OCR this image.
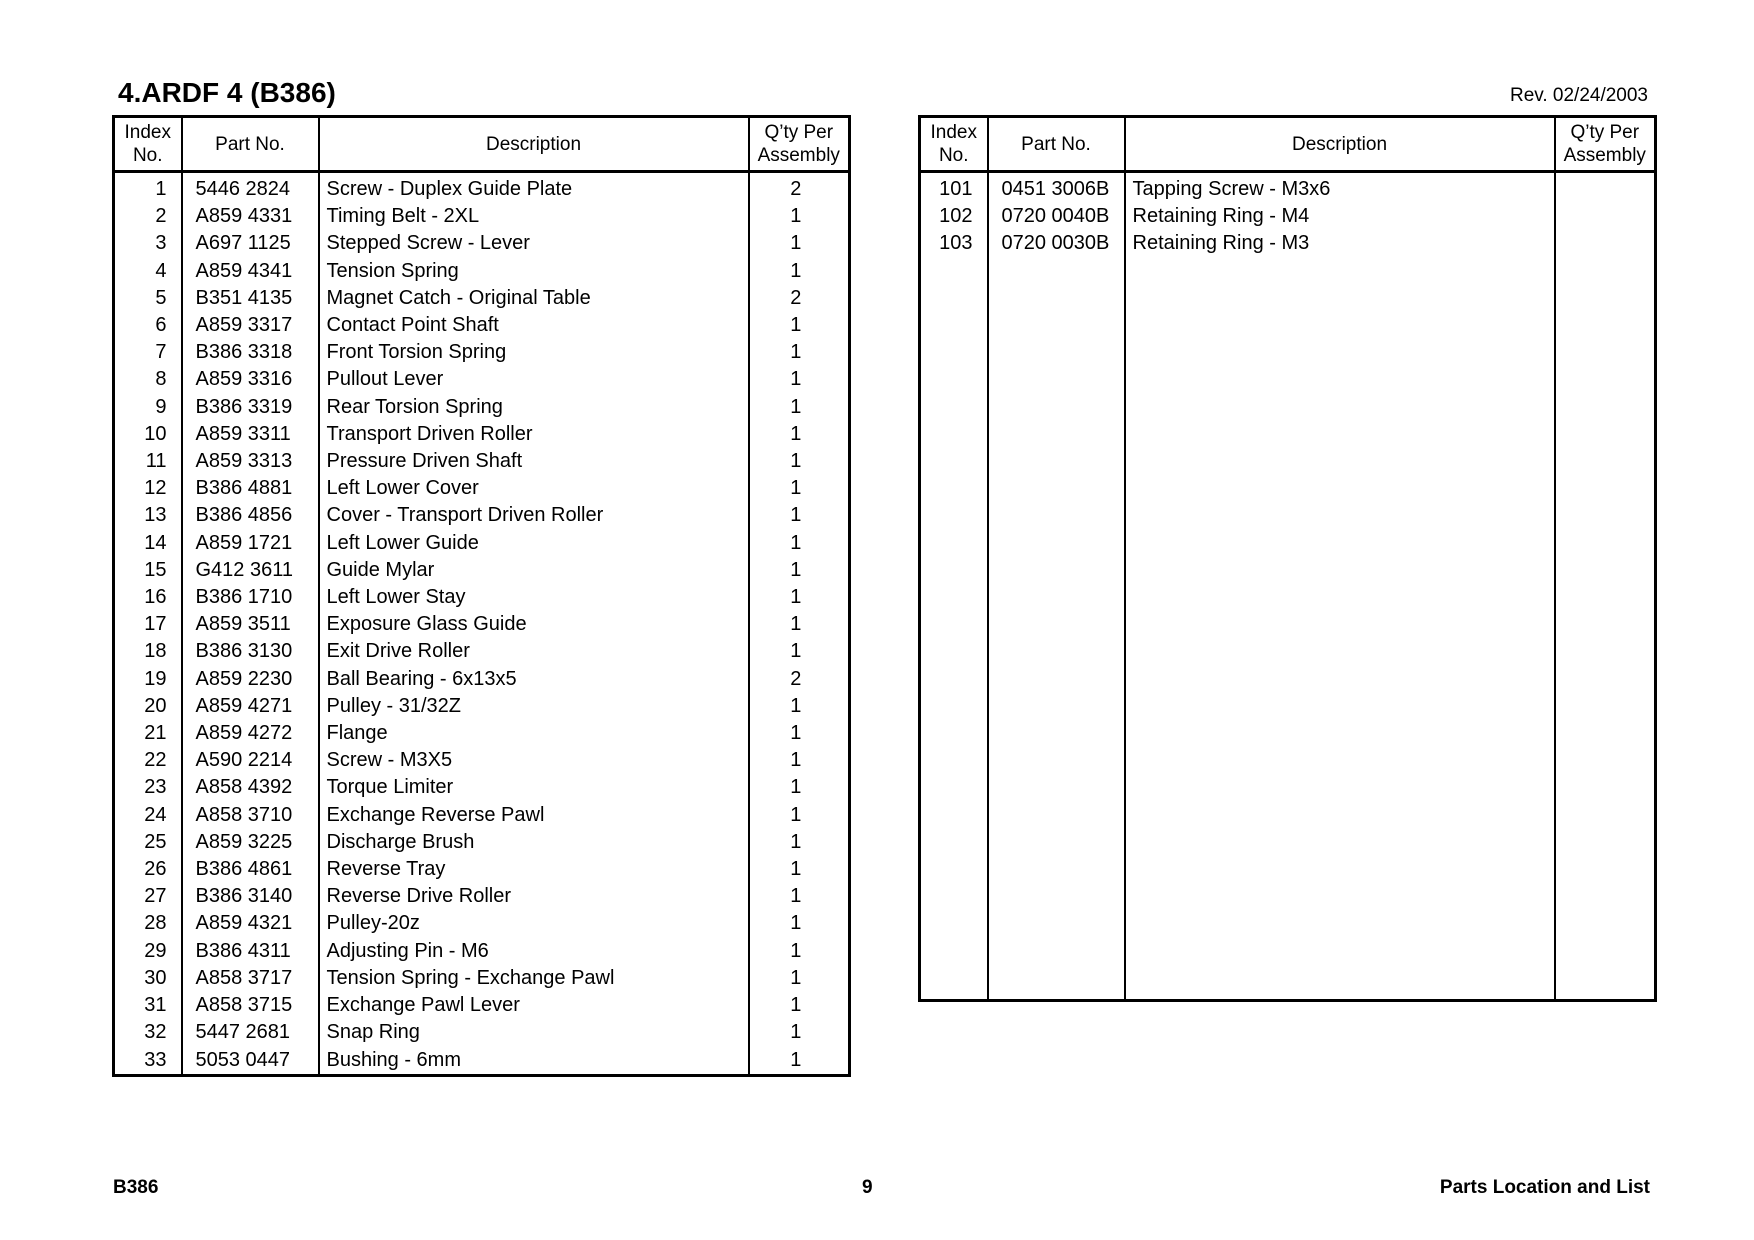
4.ARDF 4 (B386)	Rev. 02/24/2003
Index No.	Part No.	Description	Q’ty Per Assembly
1	5446 2824	Screw - Duplex Guide Plate	2
2	A859 4331	Timing Belt - 2XL	1
3	A697 1125	Stepped Screw - Lever	1
4	A859 4341	Tension Spring	1
5	B351 4135	Magnet Catch - Original Table	2
6	A859 3317	Contact Point Shaft	1
7	B386 3318	Front Torsion Spring	1
8	A859 3316	Pullout Lever	1
9	B386 3319	Rear Torsion Spring	1
10	A859 3311	Transport Driven Roller	1
11	A859 3313	Pressure Driven Shaft	1
12	B386 4881	Left Lower Cover	1
13	B386 4856	Cover - Transport Driven Roller	1
14	A859 1721	Left Lower Guide	1
15	G412 3611	Guide Mylar	1
16	B386 1710	Left Lower Stay	1
17	A859 3511	Exposure Glass Guide	1
18	B386 3130	Exit Drive Roller	1
19	A859 2230	Ball Bearing - 6x13x5	2
20	A859 4271	Pulley - 31/32Z	1
21	A859 4272	Flange	1
22	A590 2214	Screw - M3X5	1
23	A858 4392	Torque Limiter	1
24	A858 3710	Exchange Reverse Pawl	1
25	A859 3225	Discharge Brush	1
26	B386 4861	Reverse Tray	1
27	B386 3140	Reverse Drive Roller	1
28	A859 4321	Pulley-20z	1
29	B386 4311	Adjusting Pin - M6	1
30	A858 3717	Tension Spring - Exchange Pawl	1
31	A858 3715	Exchange Pawl Lever	1
32	5447 2681	Snap Ring	1
33	5053 0447	Bushing - 6mm	1

Index No.	Part No.	Description	Q’ty Per Assembly
101	0451 3006B	Tapping Screw - M3x6	
102	0720 0040B	Retaining Ring - M4	
103	0720 0030B	Retaining Ring - M3	

B386	9	Parts Location and List
